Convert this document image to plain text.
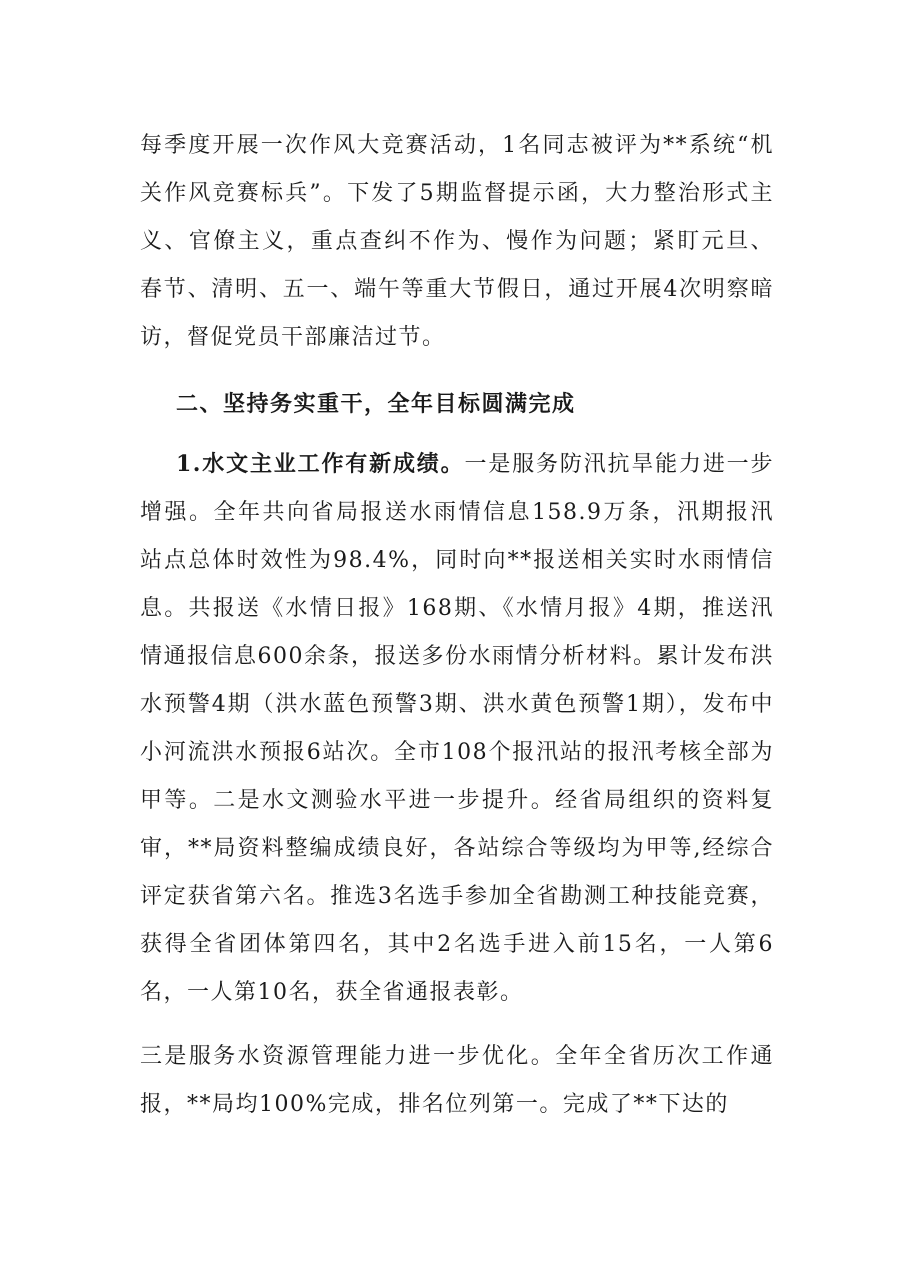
每季度开展一次作风大竞赛活动，1名同志被评为**系统“机关作风竞赛标兵”。下发了5期监督提示函，大力整治形式主义、官僚主义，重点查纠不作为、慢作为问题；紧盯元旦、春节、清明、五一、端午等重大节假日，通过开展4次明察暗访，督促党员干部廉洁过节。

二、坚持务实重干，全年目标圆满完成

1.水文主业工作有新成绩。一是服务防汛抗旱能力进一步增强。全年共向省局报送水雨情信息158.9万条，汛期报汛站点总体时效性为98.4%，同时向**报送相关实时水雨情信息。共报送《水情日报》168期、《水情月报》4期，推送汛情通报信息600余条，报送多份水雨情分析材料。累计发布洪水预警4期（洪水蓝色预警3期、洪水黄色预警1期），发布中小河流洪水预报6站次。全市108个报汛站的报汛考核全部为甲等。二是水文测验水平进一步提升。经省局组织的资料复审，**局资料整编成绩良好，各站综合等级均为甲等,经综合评定获省第六名。推选3名选手参加全省勘测工种技能竞赛，获得全省团体第四名，其中2名选手进入前15名，一人第6名，一人第10名，获全省通报表彰。

三是服务水资源管理能力进一步优化。全年全省历次工作通报，**局均100%完成，排名位列第一。完成了**下达的
